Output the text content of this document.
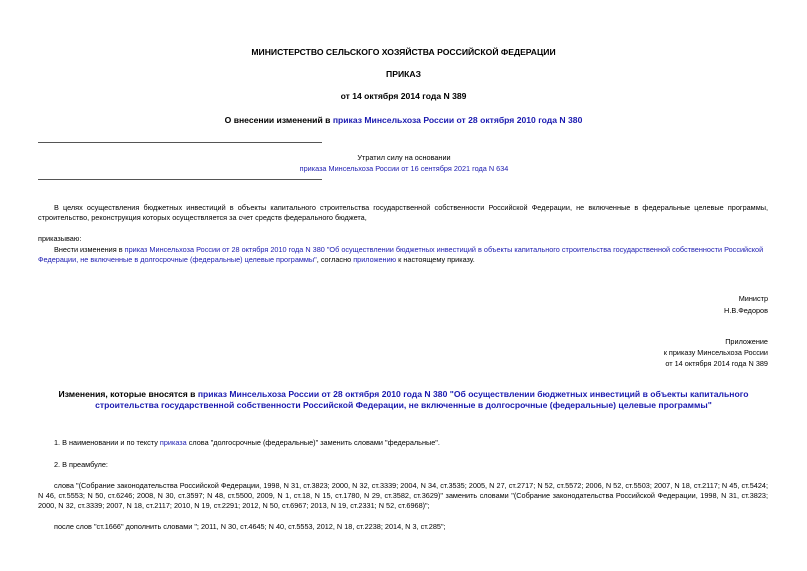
МИНИСТЕРСТВО СЕЛЬСКОГО ХОЗЯЙСТВА РОССИЙСКОЙ ФЕДЕРАЦИИ
ПРИКАЗ
от 14 октября 2014 года N 389
О внесении изменений в приказ Минсельхоза России от 28 октября 2010 года N 380
Утратил силу на основании
приказа Минсельхоза России от 16 сентября 2021 года N 634
В целях осуществления бюджетных инвестиций в объекты капитального строительства государственной собственности Российской Федерации, не включенные в федеральные целевые программы, строительство, реконструкция которых осуществляется за счет средств федерального бюджета,
приказываю:
Внести изменения в приказ Минсельхоза России от 28 октября 2010 года N 380 "Об осуществлении бюджетных инвестиций в объекты капитального строительства государственной собственности Российской Федерации, не включенные в долгосрочные (федеральные) целевые программы", согласно приложению к настоящему приказу.
Министр
Н.В.Федоров
Приложение
к приказу Минсельхоза России
от 14 октября 2014 года N 389
Изменения, которые вносятся в приказ Минсельхоза России от 28 октября 2010 года N 380 "Об осуществлении бюджетных инвестиций в объекты капитального строительства государственной собственности Российской Федерации, не включенные в долгосрочные (федеральные) целевые программы"
1. В наименовании и по тексту приказа слова "долгосрочные (федеральные)" заменить словами "федеральные".
2. В преамбуле:
слова "(Собрание законодательства Российской Федерации, 1998, N 31, ст.3823; 2000, N 32, ст.3339; 2004, N 34, ст.3535; 2005, N 27, ст.2717; N 52, ст.5572; 2006, N 52, ст.5503; 2007, N 18, ст.2117; N 45, ст.5424; N 46, ст.5553; N 50, ст.6246; 2008, N 30, ст.3597; N 48, ст.5500, 2009, N 1, ст.18, N 15, ст.1780, N 29, ст.3582, ст.3629)" заменить словами "(Собрание законодательства Российской Федерации, 1998, N 31, ст.3823; 2000, N 32, ст.3339; 2007, N 18, ст.2117; 2010, N 19, ст.2291; 2012, N 50, ст.6967; 2013, N 19, ст.2331; N 52, ст.6968)";
после слов "ст.1666" дополнить словами "; 2011, N 30, ст.4645; N 40, ст.5553, 2012, N 18, ст.2238; 2014, N 3, ст.285";
